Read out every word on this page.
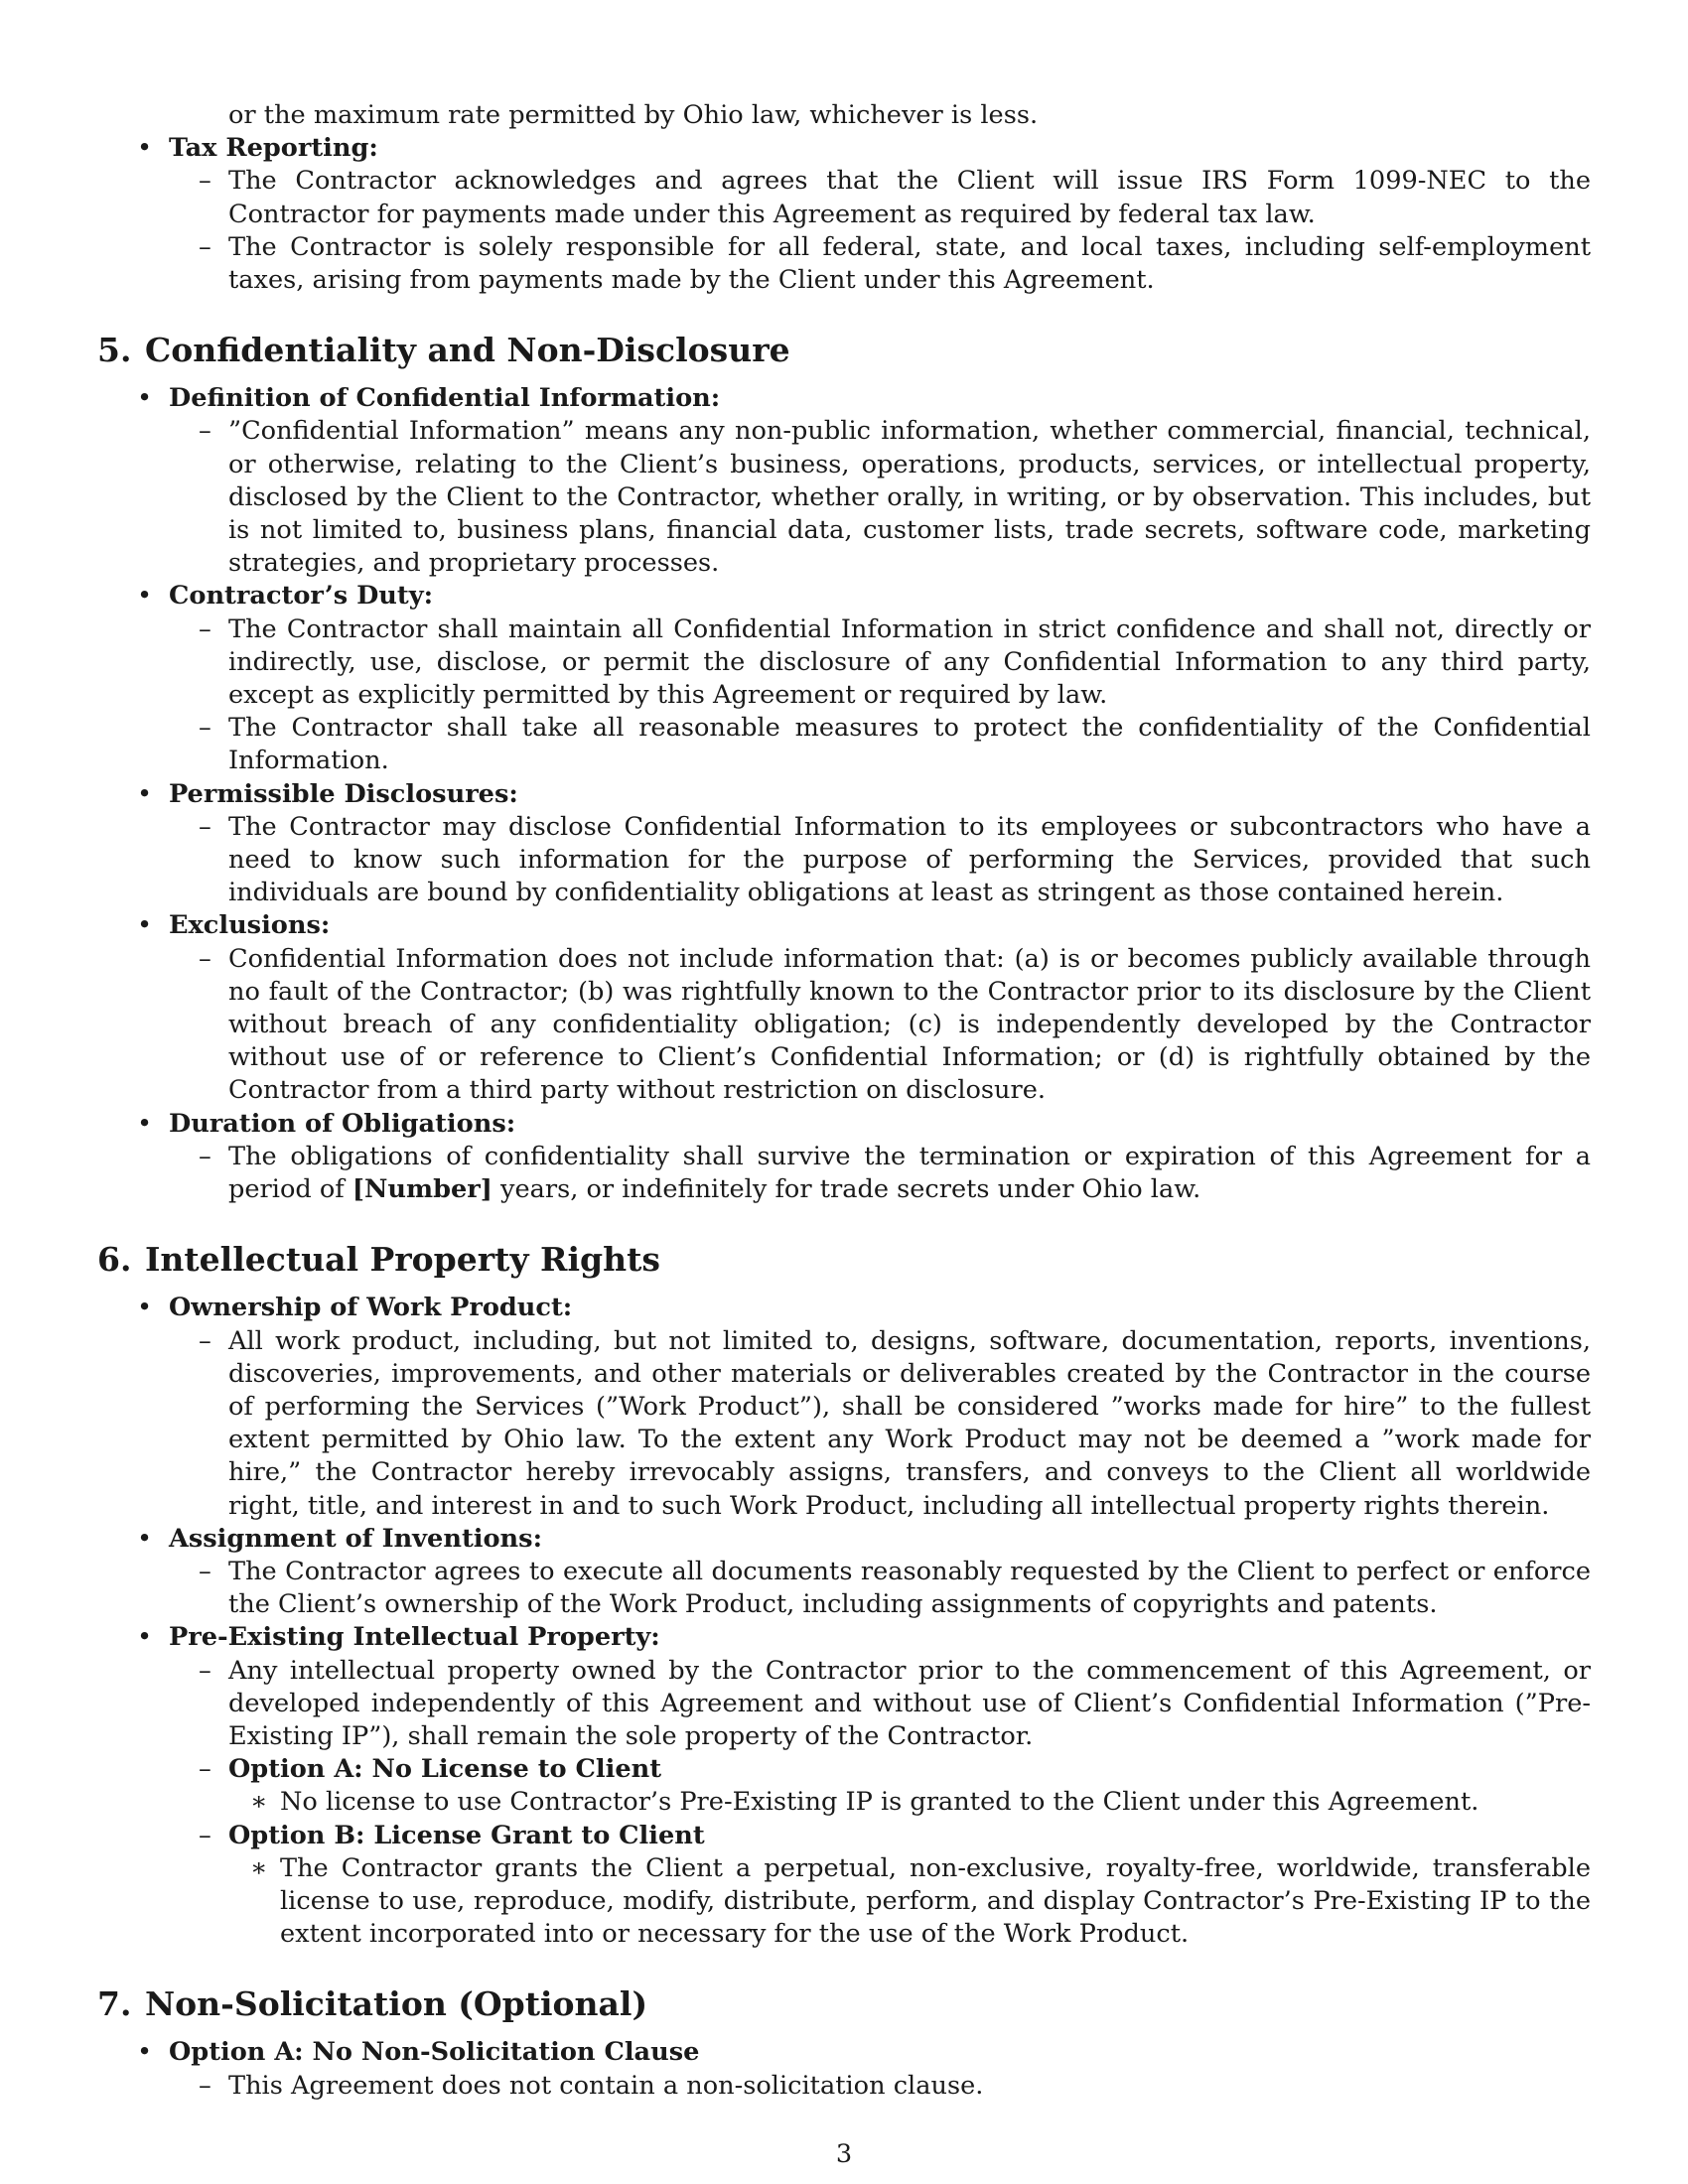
or the maximum rate permitted by Ohio law, whichever is less.
• Tax Reporting:
– The Contractor acknowledges and agrees that the Client will issue IRS Form 1099-NEC to the Contractor for payments made under this Agreement as required by federal tax law.
– The Contractor is solely responsible for all federal, state, and local taxes, including self-employment taxes, arising from payments made by the Client under this Agreement.
5. Confidentiality and Non-Disclosure
• Definition of Confidential Information:
– ”Confidential Information” means any non-public information, whether commercial, financial, technical, or otherwise, relating to the Client’s business, operations, products, services, or intellectual property, disclosed by the Client to the Contractor, whether orally, in writing, or by observation. This includes, but is not limited to, business plans, financial data, customer lists, trade secrets, software code, marketing strategies, and proprietary processes.
• Contractor’s Duty:
– The Contractor shall maintain all Confidential Information in strict confidence and shall not, directly or indirectly, use, disclose, or permit the disclosure of any Confidential Information to any third party, except as explicitly permitted by this Agreement or required by law.
– The Contractor shall take all reasonable measures to protect the confidentiality of the Confidential Information.
• Permissible Disclosures:
– The Contractor may disclose Confidential Information to its employees or subcontractors who have a need to know such information for the purpose of performing the Services, provided that such individuals are bound by confidentiality obligations at least as stringent as those contained herein.
• Exclusions:
– Confidential Information does not include information that: (a) is or becomes publicly available through no fault of the Contractor; (b) was rightfully known to the Contractor prior to its disclosure by the Client without breach of any confidentiality obligation; (c) is independently developed by the Contractor without use of or reference to Client’s Confidential Information; or (d) is rightfully obtained by the Contractor from a third party without restriction on disclosure.
• Duration of Obligations:
– The obligations of confidentiality shall survive the termination or expiration of this Agreement for a period of [Number] years, or indefinitely for trade secrets under Ohio law.
6. Intellectual Property Rights
• Ownership of Work Product:
– All work product, including, but not limited to, designs, software, documentation, reports, inventions, discoveries, improvements, and other materials or deliverables created by the Contractor in the course of performing the Services (”Work Product”), shall be considered ”works made for hire” to the fullest extent permitted by Ohio law. To the extent any Work Product may not be deemed a ”work made for hire,” the Contractor hereby irrevocably assigns, transfers, and conveys to the Client all worldwide right, title, and interest in and to such Work Product, including all intellectual property rights therein.
• Assignment of Inventions:
– The Contractor agrees to execute all documents reasonably requested by the Client to perfect or enforce the Client’s ownership of the Work Product, including assignments of copyrights and patents.
• Pre-Existing Intellectual Property:
– Any intellectual property owned by the Contractor prior to the commencement of this Agreement, or developed independently of this Agreement and without use of Client’s Confidential Information (”Pre-Existing IP”), shall remain the sole property of the Contractor.
– Option A: No License to Client
∗ No license to use Contractor’s Pre-Existing IP is granted to the Client under this Agreement.
– Option B: License Grant to Client
∗ The Contractor grants the Client a perpetual, non-exclusive, royalty-free, worldwide, transferable license to use, reproduce, modify, distribute, perform, and display Contractor’s Pre-Existing IP to the extent incorporated into or necessary for the use of the Work Product.
7. Non-Solicitation (Optional)
• Option A: No Non-Solicitation Clause
– This Agreement does not contain a non-solicitation clause.
3
